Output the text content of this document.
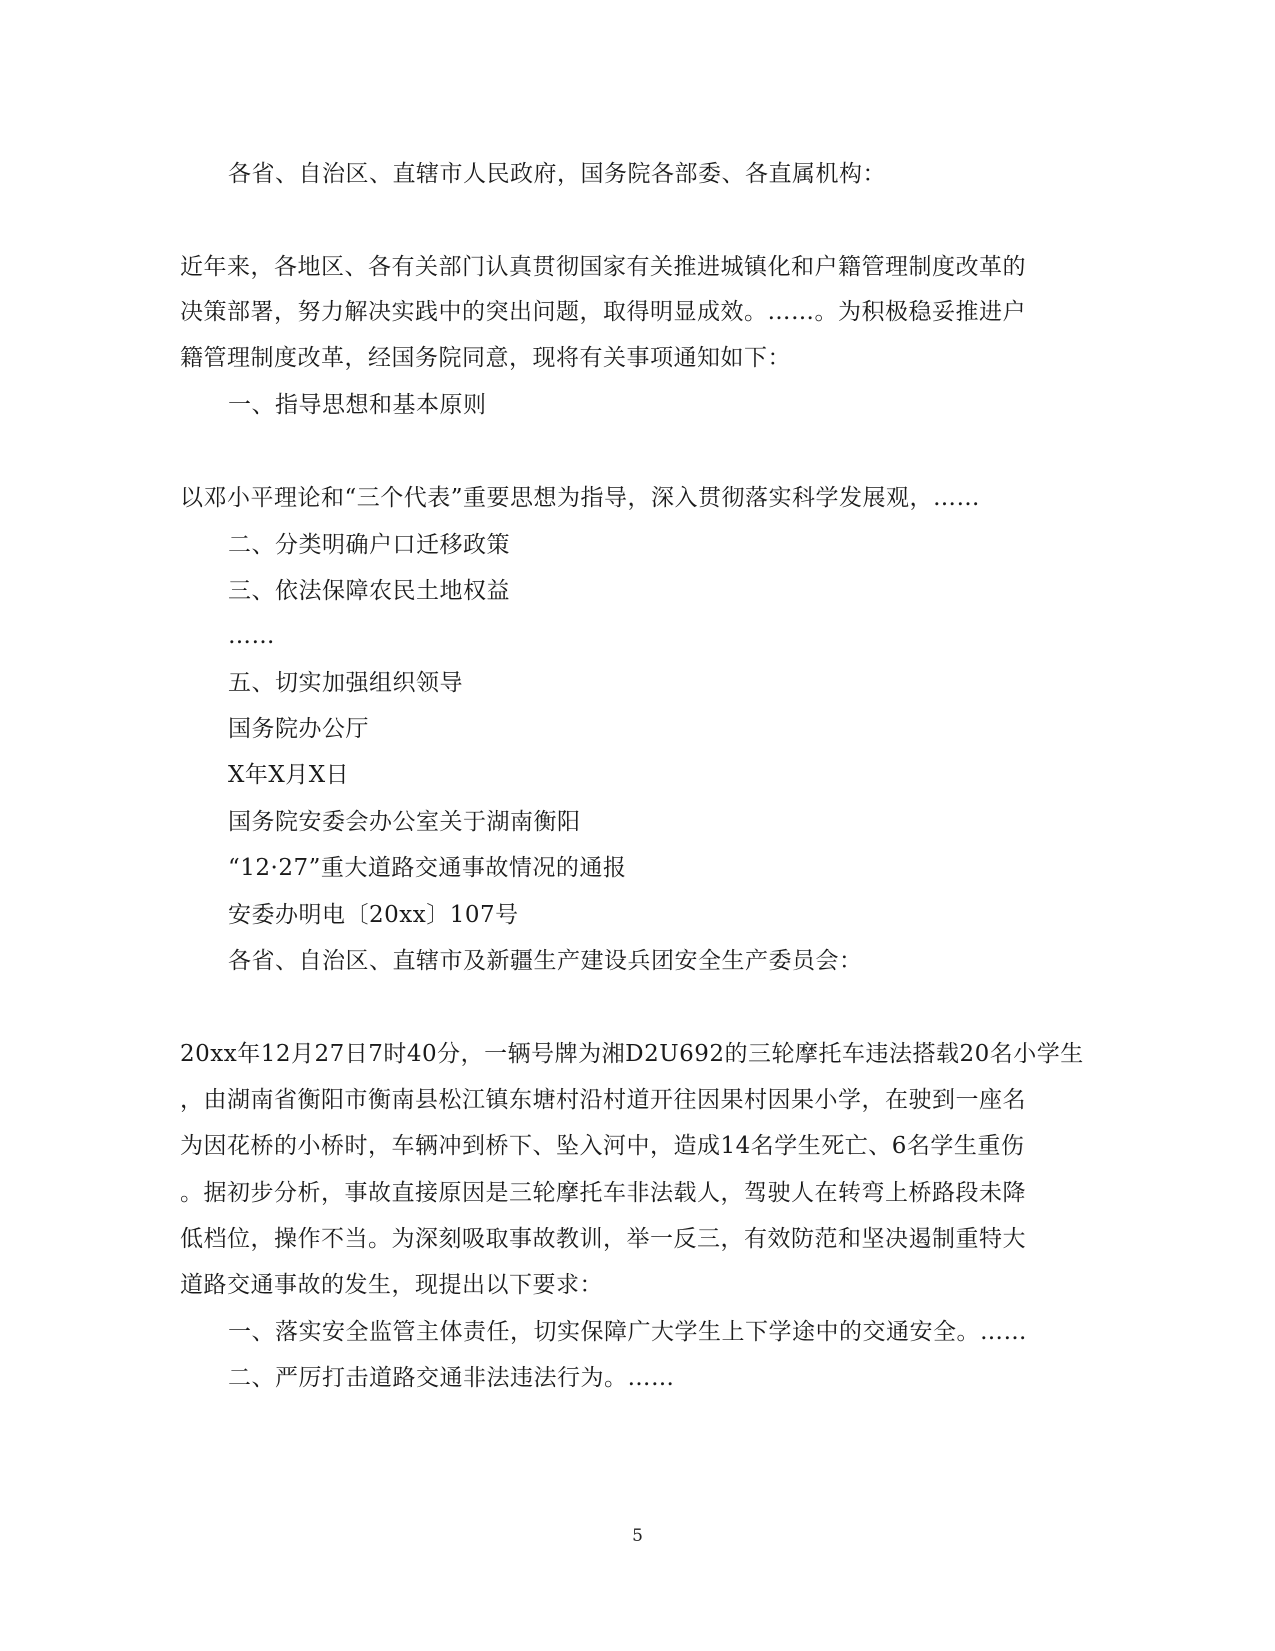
各省、自治区、直辖市人民政府，国务院各部委、各直属机构：
近年来，各地区、各有关部门认真贯彻国家有关推进城镇化和户籍管理制度改革的
决策部署，努力解决实践中的突出问题，取得明显成效。……。为积极稳妥推进户
籍管理制度改革，经国务院同意，现将有关事项通知如下：
一、指导思想和基本原则
以邓小平理论和“三个代表”重要思想为指导，深入贯彻落实科学发展观，……
二、分类明确户口迁移政策
三、依法保障农民土地权益
……
五、切实加强组织领导
国务院办公厅
X年X月X日
国务院安委会办公室关于湖南衡阳
“12·27”重大道路交通事故情况的通报
安委办明电〔20xx〕107号
各省、自治区、直辖市及新疆生产建设兵团安全生产委员会：
20xx年12月27日7时40分，一辆号牌为湘D2U692的三轮摩托车违法搭载20名小学生
，由湖南省衡阳市衡南县松江镇东塘村沿村道开往因果村因果小学，在驶到一座名
为因花桥的小桥时，车辆冲到桥下、坠入河中，造成14名学生死亡、6名学生重伤
。据初步分析，事故直接原因是三轮摩托车非法载人，驾驶人在转弯上桥路段未降
低档位，操作不当。为深刻吸取事故教训，举一反三，有效防范和坚决遏制重特大
道路交通事故的发生，现提出以下要求：
一、落实安全监管主体责任，切实保障广大学生上下学途中的交通安全。……
二、严厉打击道路交通非法违法行为。……
5
